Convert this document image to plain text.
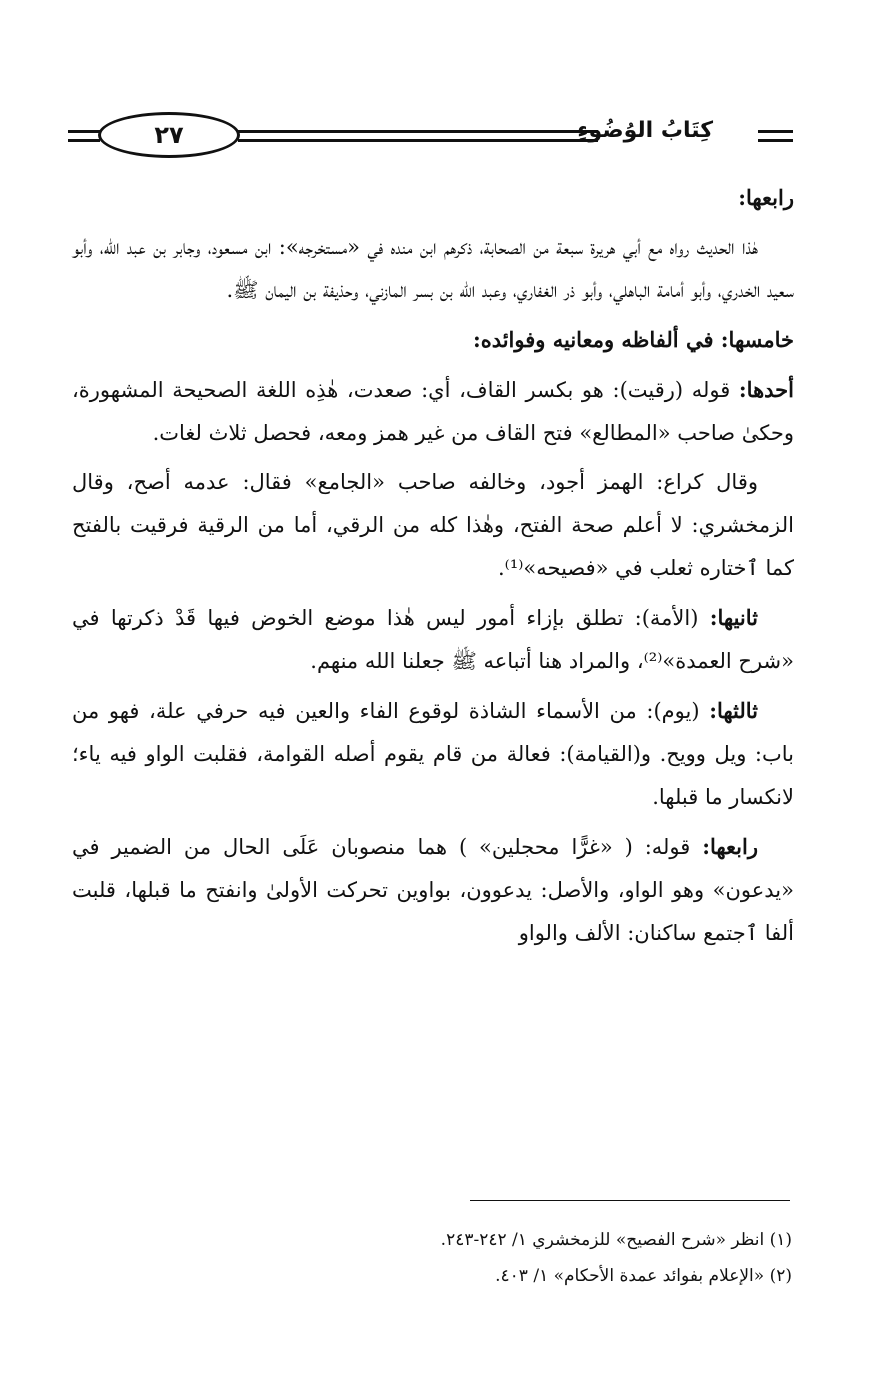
٢٧	كِتَابُ الوُضُوءِ

رابعها:

هٰذا الحديث رواه مع أبي هريرة سبعة من الصحابة، ذكرهم ابن منده في «مستخرجه»: ابن مسعود، وجابر بن عبد الله، وأبو سعيد الخدري، وأبو أمامة الباهلي، وأبو ذر الغفاري، وعبد الله بن بسر المازني، وحذيفة بن اليمان ﷺ.

خامسها: في ألفاظه ومعانيه وفوائده:

أحدها: قوله (رقيت): هو بكسر القاف، أي: صعدت، هٰذِه اللغة الصحيحة المشهورة، وحكىٰ صاحب «المطالع» فتح القاف من غير همز ومعه، فحصل ثلاث لغات.

وقال كراع: الهمز أجود، وخالفه صاحب «الجامع» فقال: عدمه أصح، وقال الزمخشري: لا أعلم صحة الفتح، وهٰذا كله من الرقي، أما من الرقية فرقيت بالفتح كما ٱختاره ثعلب في «فصيحه»⁽¹⁾.

ثانيها: (الأمة): تطلق بإزاء أمور ليس هٰذا موضع الخوض فيها قَدْ ذكرتها في «شرح العمدة»⁽²⁾، والمراد هنا أتباعه ﷺ جعلنا الله منهم.

ثالثها: (يوم): من الأسماء الشاذة لوقوع الفاء والعين فيه حرفي علة، فهو من باب: ويل وويح. و(القيامة): فعالة من قام يقوم أصله القوامة، فقلبت الواو فيه ياء؛ لانكسار ما قبلها.

رابعها: قوله: ( «غرًّا محجلين» ) هما منصوبان عَلَى الحال من الضمير في «يدعون» وهو الواو، والأصل: يدعوون، بواوين تحركت الأولىٰ وانفتح ما قبلها، قلبت ألفا ٱجتمع ساكنان: الألف والواو

(١) انظر «شرح الفصيح» للزمخشري ١/ ٢٤٢-٢٤٣.

(٢) «الإعلام بفوائد عمدة الأحكام» ١/ ٤٠٣.
